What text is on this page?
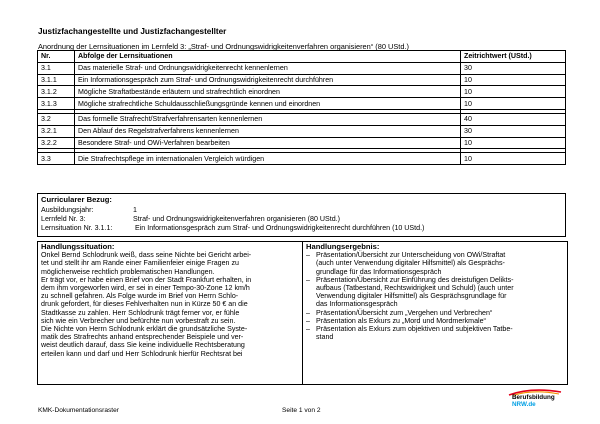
Justizfachangestellte und Justizfachangestellter
Anordnung der Lernsituationen im Lernfeld 3: „Straf- und Ordnungswidrigkeitenverfahren organisieren“ (80 UStd.)
Nr.	Abfolge der Lernsituationen	Zeitrichtwert (UStd.)
3.1	Das materielle Straf- und Ordnungswidrigkeitenrecht kennenlernen	30
3.1.1	Ein Informationsgespräch zum Straf- und Ordnungswidrigkeitenrecht durchführen	10
3.1.2	Mögliche Straftatbestände erläutern und strafrechtlich einordnen	10
3.1.3	Mögliche strafrechtliche Schuldausschließungsgründe kennen und einordnen	10

3.2	Das formelle Strafrecht/Strafverfahrensarten kennenlernen	40
3.2.1	Den Ablauf des Regelstrafverfahrens kennenlernen	30
3.2.2	Besondere Straf- und OWi-Verfahren bearbeiten	10

3.3	Die Strafrechtspflege im internationalen Vergleich würdigen	10
Curricularer Bezug:
Ausbildungsjahr:	1
Lernfeld Nr. 3:	Straf- und Ordnungswidrigkeitenverfahren organisieren (80 UStd.)
Lernsituation Nr. 3.1.1:	Ein Informationsgespräch zum Straf- und Ordnungswidrigkeitenrecht durchführen (10 UStd.)
Handlungssituation:
Onkel Bernd Schlodrunk weiß, dass seine Nichte bei Gericht arbei-
tet und stellt ihr am Rande einer Familienfeier einige Fragen zu
möglicherweise rechtlich problematischen Handlungen.
Er trägt vor, er habe einen Brief von der Stadt Frankfurt erhalten, in
dem ihm vorgeworfen wird, er sei in einer Tempo-30-Zone 12 km/h
zu schnell gefahren. Als Folge wurde im Brief von Herrn Schlo-
drunk gefordert, für dieses Fehlverhalten nun in Kürze 50 € an die
Stadtkasse zu zahlen. Herr Schlodrunk trägt ferner vor, er fühle
sich wie ein Verbrecher und befürchte nun vorbestraft zu sein.
Die Nichte von Herrn Schlodrunk erklärt die grundsätzliche Syste-
matik des Strafrechts anhand entsprechender Beispiele und ver-
weist deutlich darauf, dass Sie keine individuelle Rechtsberatung
erteilen kann und darf und Herr Schlodrunk hierfür Rechtsrat bei
Handlungsergebnis:
– Präsentation/Übersicht zur Unterscheidung von OWi/Straftat
(auch unter Verwendung digitaler Hilfsmittel) als Gesprächs-
grundlage für das Informationsgespräch
– Präsentation/Übersicht zur Einführung des dreistufigen Delikts-
aufbaus (Tatbestand, Rechtswidrigkeit und Schuld) (auch unter
Verwendung digitaler Hilfsmittel) als Gesprächsgrundlage für
das Informationsgespräch
– Präsentation/Übersicht zum „Vergehen und Verbrechen“
– Präsentation als Exkurs zu „Mord und Mordmerkmale“
– Präsentation als Exkurs zum objektiven und subjektiven Tatbe-
stand
KMK-Dokumentationsraster	Seite 1 von 2
Berufsbildung
NRW.de
